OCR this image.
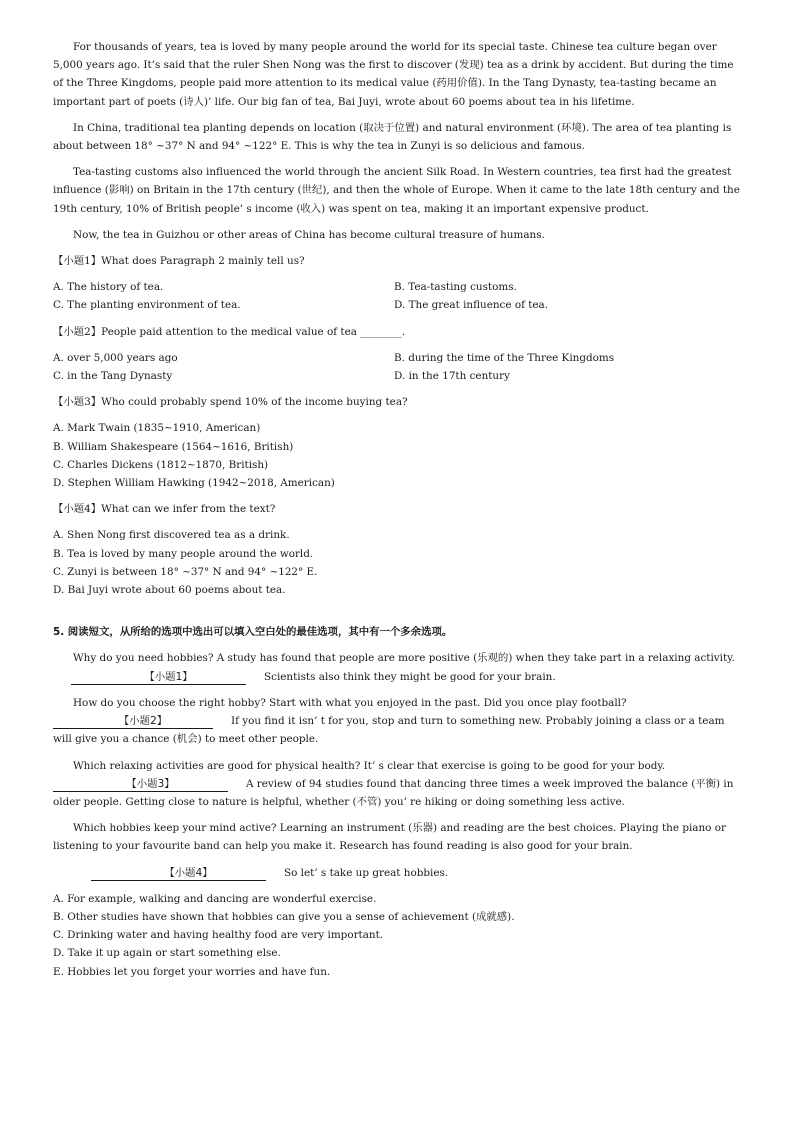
For thousands of years, tea is loved by many people around the world for its special taste. Chinese tea culture began over 5,000 years ago. It’s said that the ruler Shen Nong was the first to discover (发现) tea as a drink by accident. But during the time of the Three Kingdoms, people paid more attention to its medical value (药用价值). In the Tang Dynasty, tea-tasting became an important part of poets (诗人)’ life. Our big fan of tea, Bai Juyi, wrote about 60 poems about tea in his lifetime.

In China, traditional tea planting depends on location (取决于位置) and natural environment (环境). The area of tea planting is about between 18° ~37° N and 94° ~122° E. This is why the tea in Zunyi is so delicious and famous.

Tea-tasting customs also influenced the world through the ancient Silk Road. In Western countries, tea first had the greatest influence (影响) on Britain in the 17th century (世纪), and then the whole of Europe. When it came to the late 18th century and the 19th century, 10% of British people’ s income (收入) was spent on tea, making it an important expensive product.

Now, the tea in Guizhou or other areas of China has become cultural treasure of humans.

【小题1】What does Paragraph 2 mainly tell us?

A. The history of tea.	B. Tea-tasting customs.
C. The planting environment of tea.	D. The great influence of tea.

【小题2】People paid attention to the medical value of tea ________.

A. over 5,000 years ago	B. during the time of the Three Kingdoms
C. in the Tang Dynasty	D. in the 17th century

【小题3】Who could probably spend 10% of the income buying tea?

A. Mark Twain (1835~1910, American)
B. William Shakespeare (1564~1616, British)
C. Charles Dickens (1812~1870, British)
D. Stephen William Hawking (1942~2018, American)

【小题4】What can we infer from the text?

A. Shen Nong first discovered tea as a drink.
B. Tea is loved by many people around the world.
C. Zunyi is between 18° ~37° N and 94° ~122° E.
D. Bai Juyi wrote about 60 poems about tea.

5. 阅读短文，从所给的选项中选出可以填入空白处的最佳选项，其中有一个多余选项。

Why do you need hobbies? A study has found that people are more positive (乐观的) when they take part in a relaxing activity.【小题1】	Scientists also think they might be good for your brain.

How do you choose the right hobby? Start with what you enjoyed in the past. Did you once play football? 【小题2】	If you find it isn’ t for you, stop and turn to something new. Probably joining a class or a team will give you a chance (机会) to meet other people.

Which relaxing activities are good for physical health? It’ s clear that exercise is going to be good for your body.【小题3】	A review of 94 studies found that dancing three times a week improved the balance (平衡) in older people. Getting close to nature is helpful, whether (不管) you’ re hiking or doing something less active.

Which hobbies keep your mind active? Learning an instrument (乐器) and reading are the best choices. Playing the piano or listening to your favourite band can help you make it. Research has found reading is also good for your brain.

【小题4】	So let’ s take up great hobbies.

A. For example, walking and dancing are wonderful exercise.
B. Other studies have shown that hobbies can give you a sense of achievement (成就感).
C. Drinking water and having healthy food are very important.
D. Take it up again or start something else.
E. Hobbies let you forget your worries and have fun.
